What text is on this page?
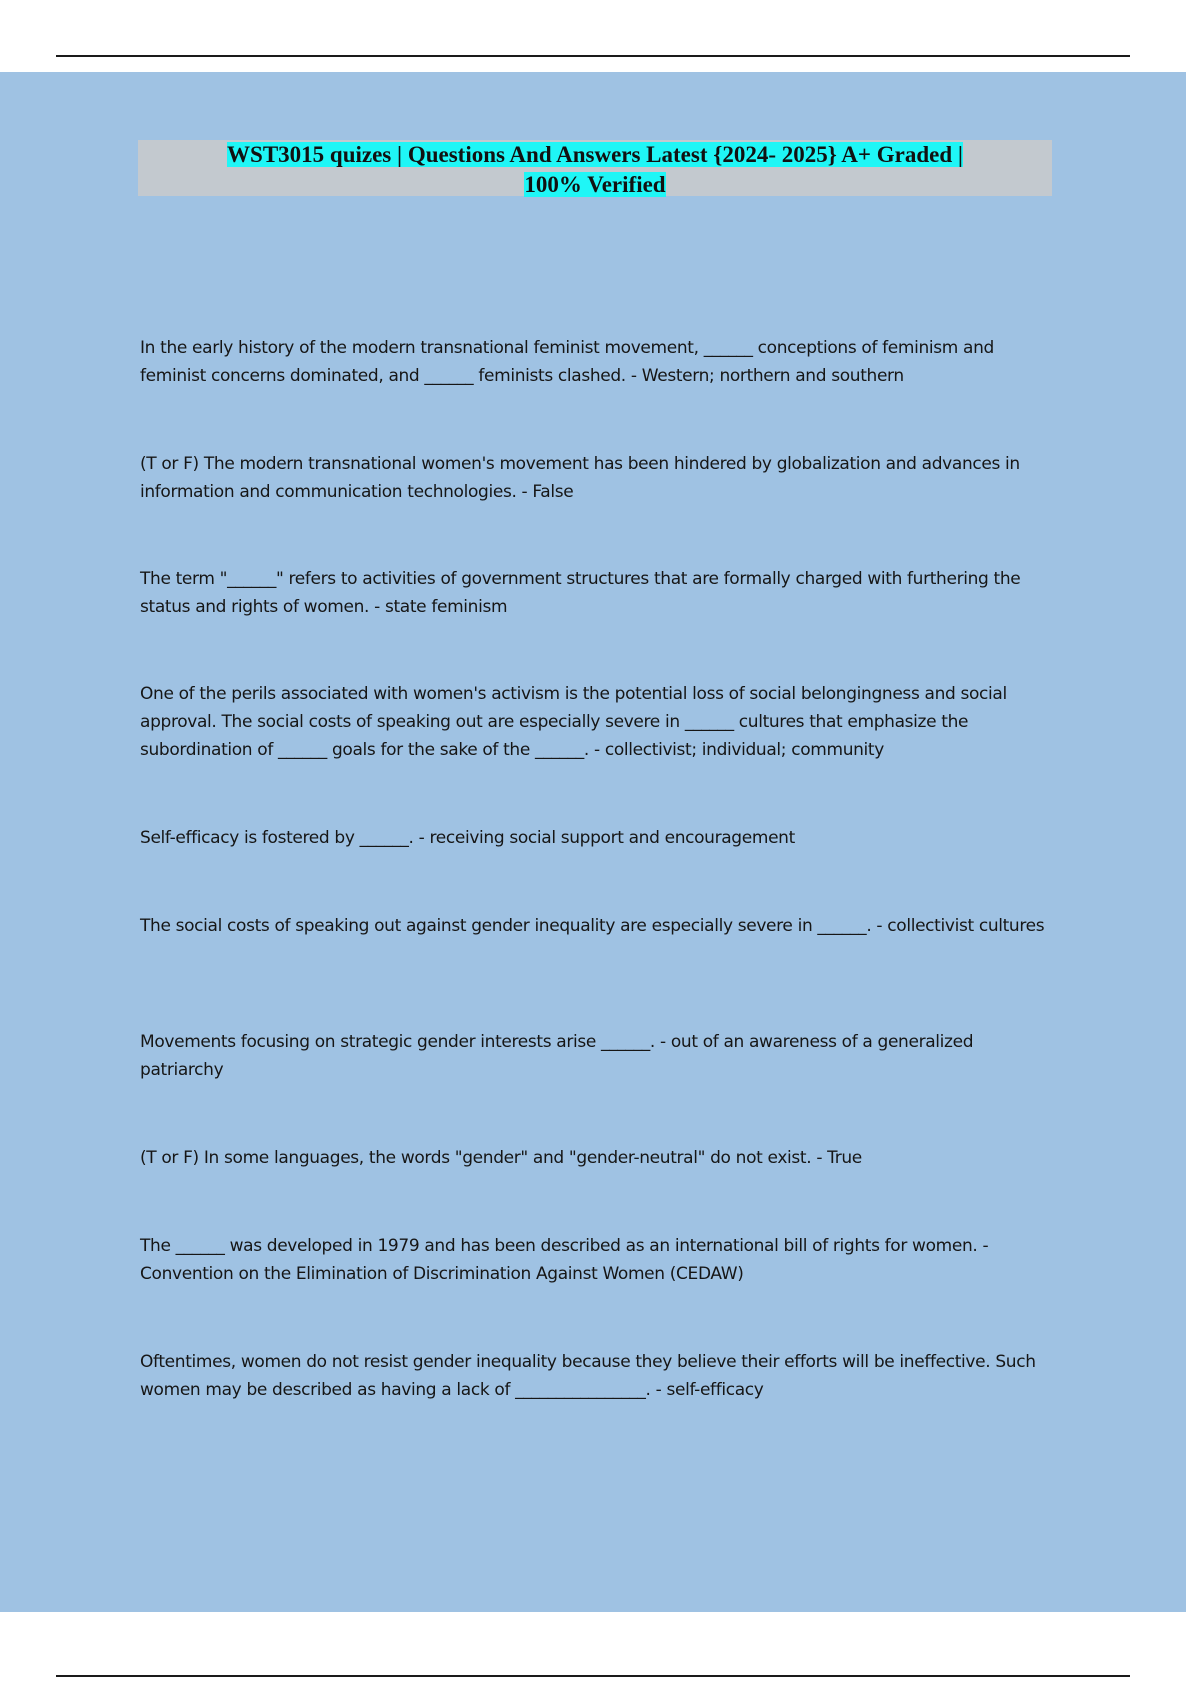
WST3015 quizes | Questions And Answers Latest {2024- 2025} A+ Graded |
100% Verified
In the early history of the modern transnational feminist movement, ______ conceptions of feminism and feminist concerns dominated, and ______ feminists clashed. - Western; northern and southern
(T or F) The modern transnational women's movement has been hindered by globalization and advances in information and communication technologies. - False
The term "______" refers to activities of government structures that are formally charged with furthering the status and rights of women. - state feminism
One of the perils associated with women's activism is the potential loss of social belongingness and social approval. The social costs of speaking out are especially severe in ______ cultures that emphasize the subordination of ______ goals for the sake of the ______. - collectivist; individual; community
Self-efficacy is fostered by ______. - receiving social support and encouragement
The social costs of speaking out against gender inequality are especially severe in ______. - collectivist cultures
Movements focusing on strategic gender interests arise ______. - out of an awareness of a generalized patriarchy
(T or F) In some languages, the words "gender" and "gender-neutral" do not exist. - True
The ______ was developed in 1979 and has been described as an international bill of rights for women. - Convention on the Elimination of Discrimination Against Women (CEDAW)
Oftentimes, women do not resist gender inequality because they believe their efforts will be ineffective. Such women may be described as having a lack of ________________. - self-efficacy
